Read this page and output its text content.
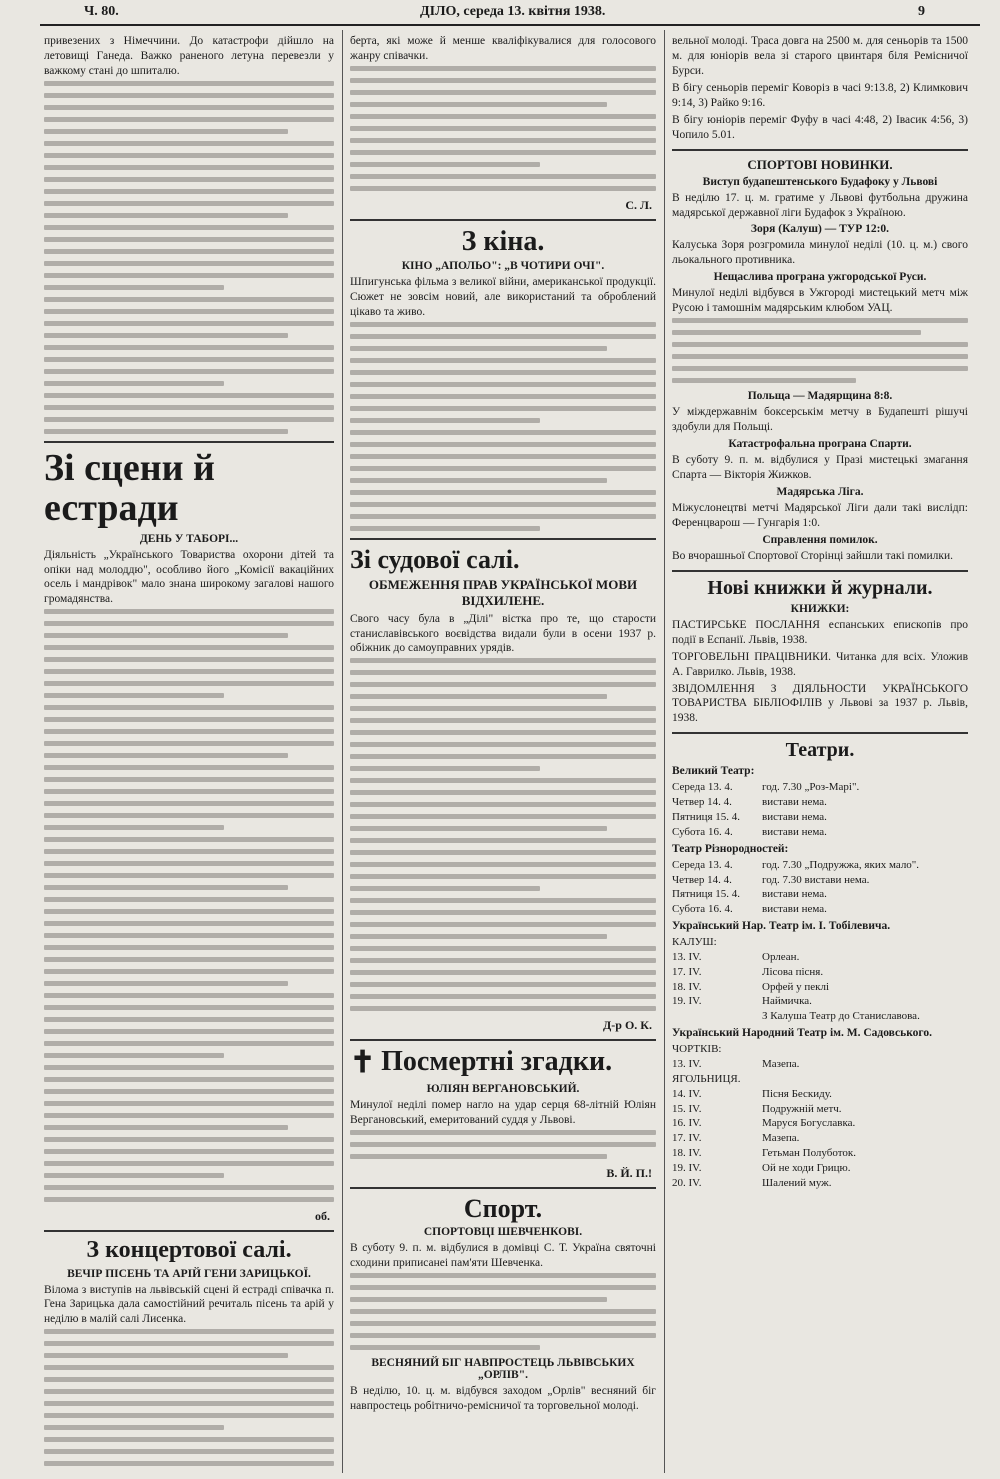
Ч. 80.	ДІЛО, середа 13. квітня 1938.	9

привезених з Німеччини. До катастрофи дійшло на летовищі Ганеда. Важко раненого летуна перевезли у важкому стані до шпиталю.

Зі сцени й естради
ДЕНЬ У ТАБОРІ...

Діяльність „Українського Товариства охорони дітей та опіки над молоддю", особливо його „Комісії вакаційних осель і мандрівок" мало знана широкому загалові нашого громадянства.

об.
З концертової салі.
ВЕЧІР ПІСЕНЬ ТА АРІЙ ГЕНИ ЗАРИЦЬКОЇ.

Вілома з виступів на львівській сцені й естраді співачка п. Гена Зарицька дала самостійний речиталь пісень та арій у неділю в малій салі Лисенка.

берта, які може й менше кваліфікувалися для голосового жанру співачки.

С. Л.
З кіна.
КІНО „АПОЛЬО": „В ЧОТИРИ ОЧІ".

Шпигунська фільма з великої війни, американської продукції. Сюжет не зовсім новий, але використаний та оброблений цікаво та живо.

Зі судової салі.
ОБМЕЖЕННЯ ПРАВ УКРАЇНСЬКОЇ МОВИ ВІДХИЛЕНЕ.

Свого часу була в „Ділі" вістка про те, що старости станиславівського воєвідства видали були в осени 1937 р. обіжник до самоуправних урядів.

Д-р О. К.
✝ Посмертні згадки.
ЮЛІЯН ВЕРГАНОВСЬКИЙ.

Минулої неділі помер нагло на удар серця 68-літній Юліян Вергановський, емеритований суддя у Львові.

В. Й. П.!
Спорт.
СПОРТОВЦІ ШЕВЧЕНКОВІ.

В суботу 9. п. м. відбулися в домівці С. Т. Україна святочні сходини приписанеі пам'яти Шевченка.

ВЕСНЯНИЙ БІГ НАВПРОСТЕЦЬ ЛЬВІВСЬКИХ „ОРЛІВ".

В неділю, 10. ц. м. відбувся заходом „Орлів" весняний біг навпростець робітничо-ремісничої та торговельної молоді.

вельної молоді. Траса довга на 2500 м. для сеньорів та 1500 м. для юніорів вела зі старого цвинтаря біля Ремісничої Бурси.

В бігу сеньорів переміг Коворіз в часі 9:13.8, 2) Климкович 9:14, 3) Райко 9:16.

В бігу юніорів переміг Фуфу в часі 4:48, 2) Івасик 4:56, 3) Чопило 5.01.

СПОРТОВІ НОВИНКИ.
Виступ будапештенського Будафоку у Львові

В неділю 17. ц. м. гратиме у Львові футбольна дружина мадярської державної ліги Будафок з Україною.

Зоря (Калуш) — ТУР 12:0.

Калуська Зоря розгромила минулої неділі (10. ц. м.) свого льокального противника.

Нещаслива програна ужгородської Руси.

Минулої неділі відбувся в Ужгороді мистецький метч між Русою і тамошнім мадярським клюбом УАЦ.

Польща — Мадярщина 8:8.

У міждержавнім боксерськім метчу в Будапешті рішучі здобули для Польщі.

Катастрофальна програна Спарти.

В суботу 9. п. м. відбулися у Празі мистецькі змагання Спарта — Вікторія Жижков.

Мадярська Ліга.

Міжуслонецтві метчі Мадярської Ліги дали такі вислідп: Ференцварош — Гунгарія 1:0.

Справлення помилок.

Во вчорашньої Спортової Сторінці зайшли такі помилки.

Нові книжки й журнали.
КНИЖКИ:

ПАСТИРСЬКЕ ПОСЛАННЯ еспанських епископів про події в Еспанії. Львів, 1938.

ТОРГОВЕЛЬНІ ПРАЦІВНИКИ. Читанка для всіх. Уложив А. Гаврилко. Львів, 1938.

ЗВІДОМЛЕННЯ З ДІЯЛЬНОСТИ УКРАЇНСЬКОГО ТОВАРИСТВА БІБЛІОФІЛІВ у Львові за 1937 р. Львів, 1938.

Театри.
Великий Театр:
Середа 13. 4.	год. 7.30 „Роз-Марі".
Четвер 14. 4.	вистави нема.
Пятниця 15. 4.	вистави нема.
Субота 16. 4.	вистави нема.
Театр Різноpодностей:
Середа 13. 4.	год. 7.30 „Подружжа, яких мало".
Четвер 14. 4.	год. 7.30 вистави нема.
Пятниця 15. 4.	вистави нема.
Субота 16. 4.	вистави нема.
Український Нар. Театр ім. І. Тобілевича.
КАЛУШ:
13. IV.	Орлеан.
17. IV.	Лісова пісня.
18. IV.	Орфей у пеклі
19. IV.	Наймичка.
З Калуша Театр до Станиславова.
Український Народний Театр ім. М. Садовського.
ЧОРТКІВ:
13. IV.	Мазепа.
ЯГОЛЬНИЦЯ.
14. IV.	Пісня Бескиду.
15. IV.	Подружній метч.
16. IV.	Маруся Богуславка.
17. IV.	Мазепа.
18. IV.	Гетьман Полуботок.
19. IV.	Ой не ходи Грицю.
20. IV.	Шалений муж.
